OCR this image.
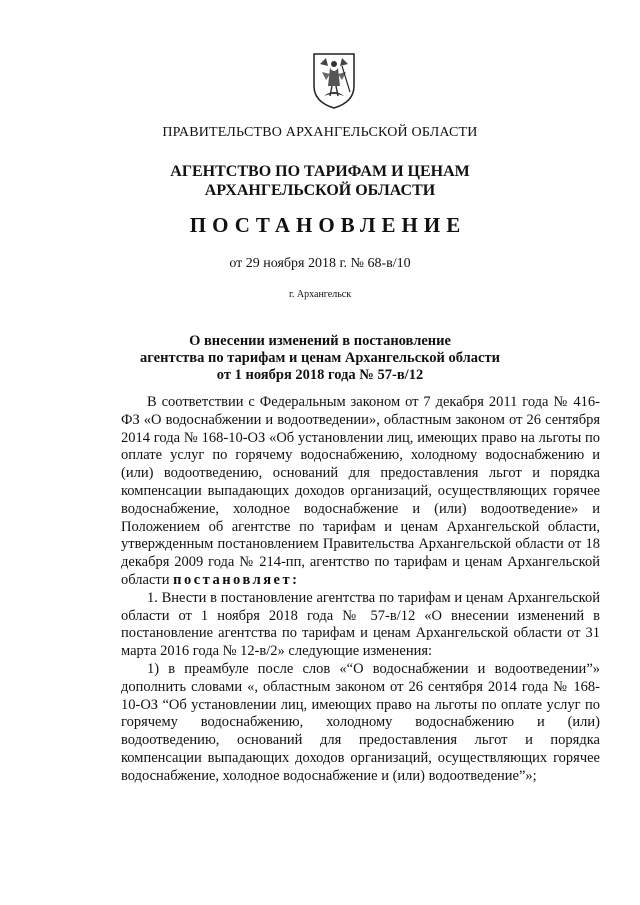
ПРАВИТЕЛЬСТВО АРХАНГЕЛЬСКОЙ ОБЛАСТИ
АГЕНТСТВО ПО ТАРИФАМ И ЦЕНАМ
АРХАНГЕЛЬСКОЙ ОБЛАСТИ
ПОСТАНОВЛЕНИЕ
от 29 ноября 2018 г. № 68-в/10
г. Архангельск
О внесении изменений в постановление
агентства по тарифам и ценам Архангельской области
от 1 ноября 2018 года № 57-в/12

В соответствии с Федеральным законом от 7 декабря 2011 года № 416-ФЗ «О водоснабжении и водоотведении», областным законом от 26 сентября 2014 года № 168-10-ОЗ «Об установлении лиц, имеющих право на льготы по оплате услуг по горячему водоснабжению, холодному водоснабжению и (или) водоотведению, оснований для предоставления льгот и порядка компенсации выпадающих доходов организаций, осуществляющих горячее водоснабжение, холодное водоснабжение и (или) водоотведение» и Положением об агентстве по тарифам и ценам Архангельской области, утвержденным постановлением Правительства Архангельской области от 18 декабря 2009 года № 214-пп, агентство по тарифам и ценам Архангельской области постановляет:

1. Внести в постановление агентства по тарифам и ценам Архангельской области от 1 ноября 2018 года № 57-в/12 «О внесении изменений в постановление агентства по тарифам и ценам Архангельской области от 31 марта 2016 года № 12-в/2» следующие изменения:

1) в преамбуле после слов «“О водоснабжении и водоотведении”» дополнить словами «, областным законом от 26 сентября 2014 года № 168-10-ОЗ “Об установлении лиц, имеющих право на льготы по оплате услуг по горячему водоснабжению, холодному водоснабжению и (или) водоотведению, оснований для предоставления льгот и порядка компенсации выпадающих доходов организаций, осуществляющих горячее водоснабжение, холодное водоснабжение и (или) водоотведение”»;
